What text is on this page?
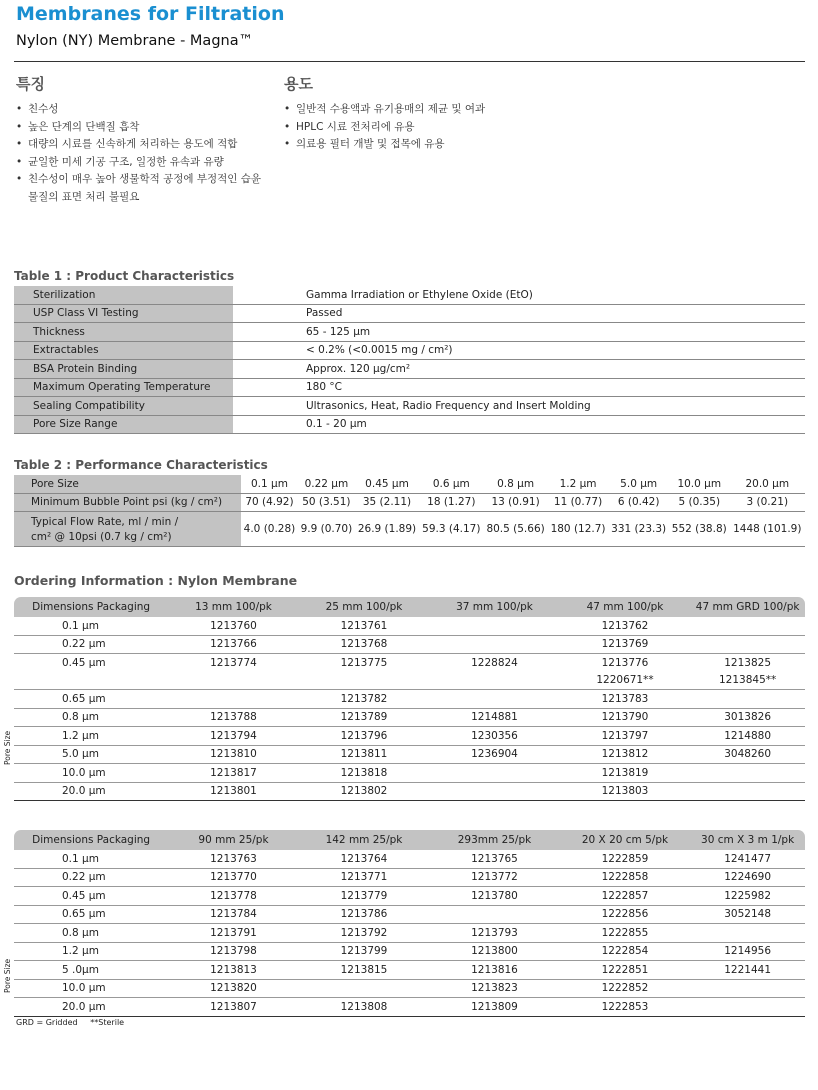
Membranes for Filtration
Nylon (NY) Membrane - Magna™
특징
• 친수성
• 높은 단계의 단백질 흡착
• 대량의 시료를 신속하게 처리하는 용도에 적합
• 균일한 미세 기공 구조, 일정한 유속과 유량
• 친수성이 매우 높아 생물학적 공정에 부정적인 습윤
물질의 표면 처리 불필요
용도
• 일반적 수용액과 유기용매의 제균 및 여과
• HPLC 시료 전처리에 유용
• 의료용 필터 개발 및 접목에 유용
Table 1 : Product Characteristics
Sterilization	Gamma Irradiation or Ethylene Oxide (EtO)
USP Class VI Testing	Passed
Thickness	65 - 125 μm
Extractables	< 0.2% (<0.0015 mg / cm²)
BSA Protein Binding	Approx. 120 μg/cm²
Maximum Operating Temperature	180 °C
Sealing Compatibility	Ultrasonics, Heat, Radio Frequency and Insert Molding
Pore Size Range	0.1 - 20 μm
Table 2 : Performance Characteristics
Pore Size	0.1 μm	0.22 μm	0.45 μm	0.6 μm	0.8 μm	1.2 μm	5.0 μm	10.0 μm	20.0 μm
Minimum Bubble Point psi (kg / cm²)	70 (4.92)	50 (3.51)	35 (2.11)	18 (1.27)	13 (0.91)	11 (0.77)	6 (0.42)	5 (0.35)	3 (0.21)

Typical Flow Rate, ml / min /
cm² @ 10psi (0.7 kg / cm²)	4.0 (0.28)	9.9 (0.70)	26.9 (1.89)	59.3 (4.17)	80.5 (5.66)	180 (12.7)	331 (23.3)	552 (38.8)	1448 (101.9)
Ordering Information : Nylon Membrane
Dimensions Packaging	13 mm 100/pk	25 mm 100/pk	37 mm 100/pk	47 mm 100/pk	47 mm GRD 100/pk
0.1 μm	1213760	1213761		1213762	
0.22 μm	1213766	1213768		1213769	
0.45 μm	1213774	1213775	1228824	1213776	1213825
				1220671**	1213845**
0.65 μm		1213782		1213783	
0.8 μm	1213788	1213789	1214881	1213790	3013826
1.2 μm	1213794	1213796	1230356	1213797	1214880
5.0 μm	1213810	1213811	1236904	1213812	3048260
10.0 μm	1213817	1213818		1213819	
20.0 μm	1213801	1213802		1213803	
Pore Size
Dimensions Packaging	90 mm 25/pk	142 mm 25/pk	293mm 25/pk	20 X 20 cm 5/pk	30 cm X 3 m 1/pk
0.1 μm	1213763	1213764	1213765	1222859	1241477
0.22 μm	1213770	1213771	1213772	1222858	1224690
0.45 μm	1213778	1213779	1213780	1222857	1225982
0.65 μm	1213784	1213786		1222856	3052148
0.8 μm	1213791	1213792	1213793	1222855	
1.2 μm	1213798	1213799	1213800	1222854	1214956
5 .0μm	1213813	1213815	1213816	1222851	1221441
10.0 μm	1213820		1213823	1222852	
20.0 μm	1213807	1213808	1213809	1222853	
Pore Size
GRD = Gridded **Sterile
